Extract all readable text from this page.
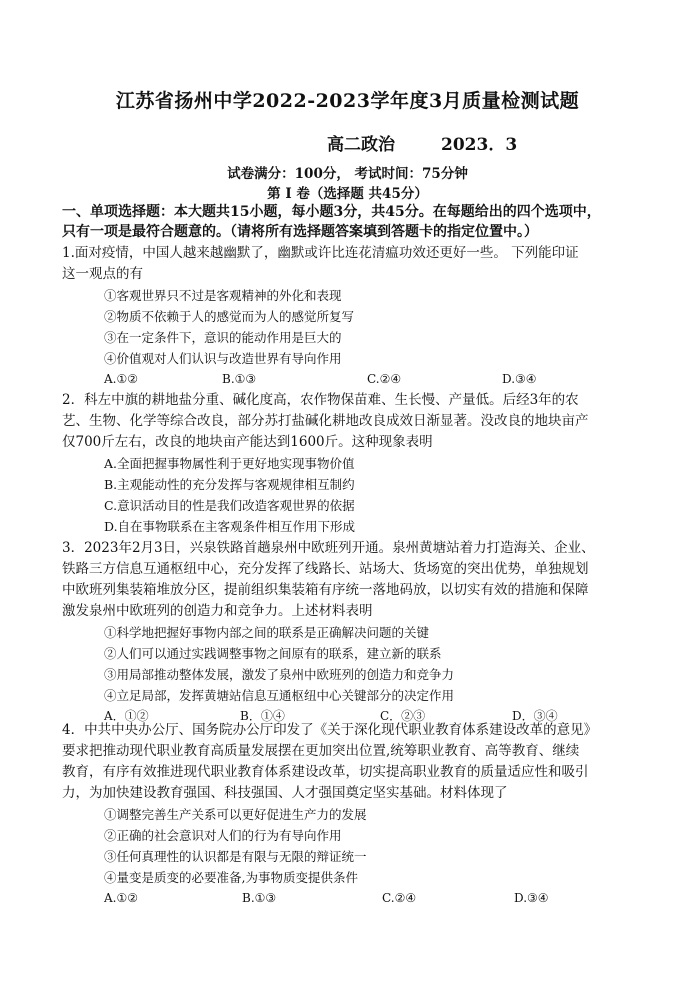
江苏省扬州中学2022-2023学年度3月质量检测试题
高二政治	2023．3
试卷满分：100分， 考试时间：75分钟
第 Ⅰ 卷（选择题 共45分）
一、单项选择题：本大题共15小题，每小题3分，共45分。在每题给出的四个选项中，
只有一项是最符合题意的。（请将所有选择题答案填到答题卡的指定位置中。）
1.面对疫情，中国人越来越幽默了，幽默或许比连花清瘟功效还更好一些。 下列能印证
这一观点的有
①客观世界只不过是客观精神的外化和表现
②物质不依赖于人的感觉而为人的感觉所复写
③在一定条件下，意识的能动作用是巨大的
④价值观对人们认识与改造世界有导向作用
A.①②	B.①③	C.②④	D.③④
2．科左中旗的耕地盐分重、碱化度高，农作物保苗难、生长慢、产量低。后经3年的农
艺、生物、化学等综合改良，部分苏打盐碱化耕地改良成效日渐显著。没改良的地块亩产
仅700斤左右，改良的地块亩产能达到1600斤。这种现象表明
A.全面把握事物属性利于更好地实现事物价值
B.主观能动性的充分发挥与客观规律相互制约
C.意识活动目的性是我们改造客观世界的依据
D.自在事物联系在主客观条件相互作用下形成
3．2023年2月3日，兴泉铁路首趟泉州中欧班列开通。泉州黄塘站着力打造海关、企业、
铁路三方信息互通枢纽中心，充分发挥了线路长、站场大、货场宽的突出优势，单独规划
中欧班列集装箱堆放分区，提前组织集装箱有序统一落地码放，以切实有效的措施和保障
激发泉州中欧班列的创造力和竞争力。上述材料表明
①科学地把握好事物内部之间的联系是正确解决问题的关键
②人们可以通过实践调整事物之间原有的联系，建立新的联系
③用局部推动整体发展，激发了泉州中欧班列的创造力和竞争力
④立足局部，发挥黄塘站信息互通枢纽中心关键部分的决定作用
A．①②	B．①④	C．②③	D．③④
4．中共中央办公厅、国务院办公厅印发了《关于深化现代职业教育体系建设改革的意见》
要求把推动现代职业教育高质量发展摆在更加突出位置,统筹职业教育、高等教育、继续
教育，有序有效推进现代职业教育体系建设改革，切实提高职业教育的质量适应性和吸引
力，为加快建设教育强国、科技强国、人才强国奠定坚实基础。材料体现了
①调整完善生产关系可以更好促进生产力的发展
②正确的社会意识对人们的行为有导向作用
③任何真理性的认识都是有限与无限的辩证统一
④量变是质变的必要准备,为事物质变提供条件
A.①②	B.①③	C.②④	D.③④
